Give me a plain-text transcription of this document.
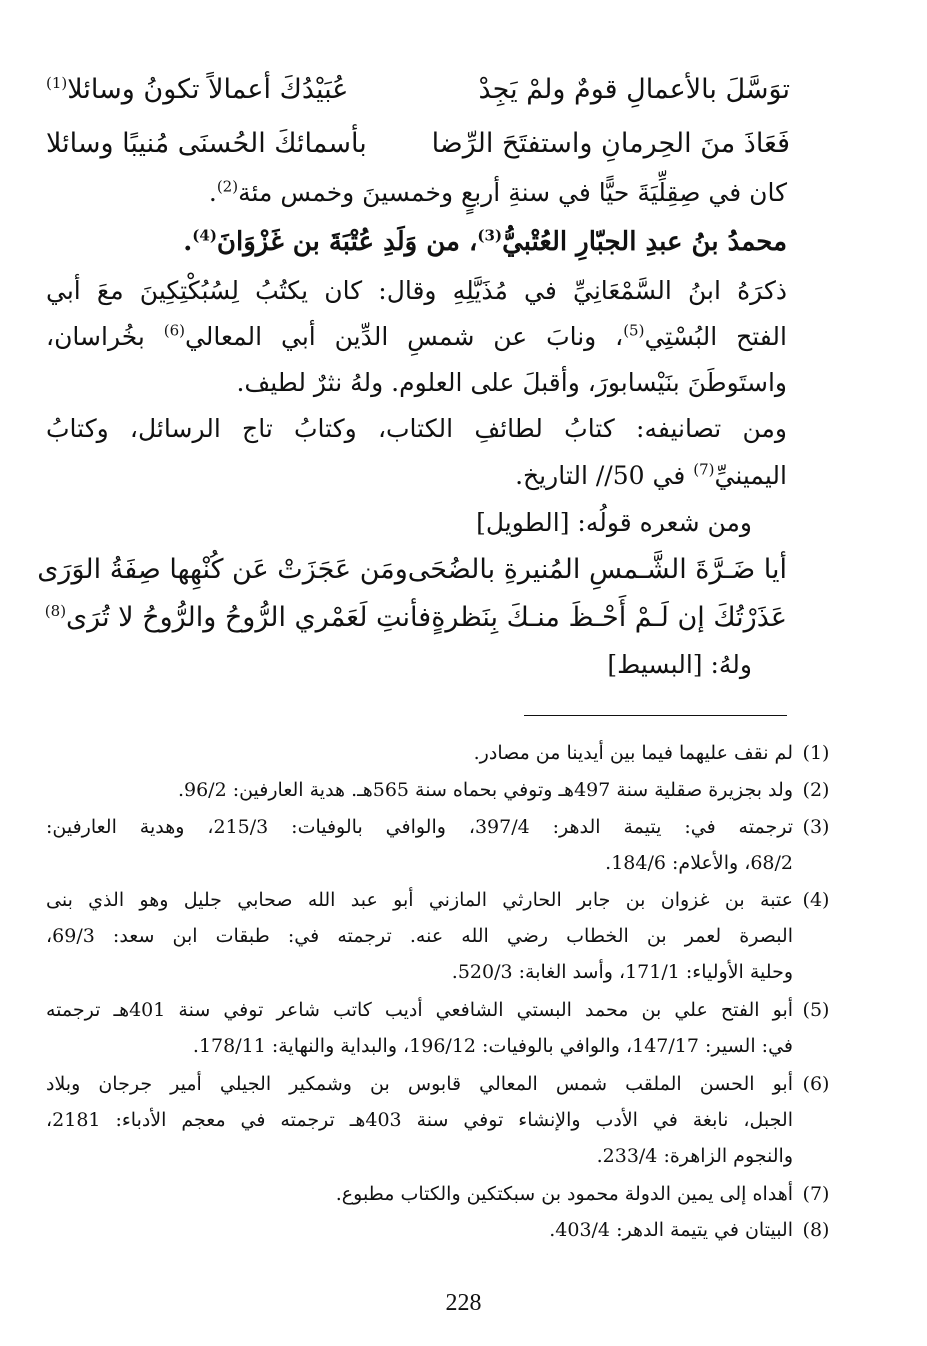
توَسَّلَ بالأعمالِ قومٌ ولمْ يَجِدْ
عُبَيْدُكَ أعمالاً تكونُ وسائلا$^{(1)}$
فَعَاذَ منَ الحِرمانِ واستفتَحَ الرِّضا
بأسمائكَ الحُسنَى مُنيبًا وسائلا
كان في صِقِلِّيَةَ حيًّا في سنةِ أربعٍ وخمسينَ وخمس مئة$^{(2)}$.
محمدُ بنُ عبدِ الجبّارِ العُتْبيُّ$^{(3)}$، من وَلَدِ عُتْبَةَ بن غَزْوَانَ$^{(4)}$.
ذكرَهُ ابنُ السَّمْعَانِيِّ في مُذَيَّلِهِ وقال: كان يكتُبُ لِسُبُكْتِكِينَ معَ أبي
الفتح البُسْتِي$^{(5)}$، ونابَ عن شمسِ الدِّين أبي المعالي$^{(6)}$ بخُراسان،
واستَوطَنَ بنَيْسابورَ، وأقبلَ على العلوم. ولهُ نثرٌ لطيف.
ومن تصانيفه: كتابُ لطائفِ الكتاب، وكتابُ تاج الرسائل، وكتابُ
اليمينيِّ$^{(7)}$ في 50// التاريخ.
ومن شعره قولُه: [الطويل]
أيا ضَـرَّةَ الشَّـمسِ المُنيرةِ بالضُحَى
ومَن عَجَزَتْ عَن كُنْهِها صِفَةُ الوَرَى
عَذَرْتُكَ إن لَـمْ أَحْـظَ منـكَ بِنَظرةٍ
فأنتِ لَعَمْري الرُّوحُ والرُّوحُ لا تُرَى$^{(8)}$
ولهُ: [البسيط]
(1)
لم نقف عليهما فيما بين أيدينا من مصادر.
(2)
ولد بجزيرة صقلية سنة 497هـ وتوفي بحماه سنة 565هـ. هدية العارفين: 96/2.
(3)
ترجمته في: يتيمة الدهر: 397/4، والوافي بالوفيات: 215/3، وهدية العارفين:
68/2، والأعلام: 184/6.
(4)
عتبة بن غزوان بن جابر الحارثي المازني أبو عبد الله صحابي جليل وهو الذي بنى
البصرة لعمر بن الخطاب رضي الله عنه. ترجمته في: طبقات ابن سعد: 69/3،
وحلية الأولياء: 171/1، وأسد الغابة: 520/3.
(5)
أبو الفتح علي بن محمد البستي الشافعي أديب كاتب شاعر توفي سنة 401هـ ترجمته
في: السير: 147/17، والوافي بالوفيات: 196/12، والبداية والنهاية: 178/11.
(6)
أبو الحسن الملقب شمس المعالي قابوس بن وشمكير الجيلي أمير جرجان وبلاد
الجبل، نابغة في الأدب والإنشاء توفي سنة 403هـ ترجمته في معجم الأدباء: 2181،
والنجوم الزاهرة: 233/4.
(7)
أهداه إلى يمين الدولة محمود بن سبكتكين والكتاب مطبوع.
(8)
البيتان في يتيمة الدهر: 403/4.
228
